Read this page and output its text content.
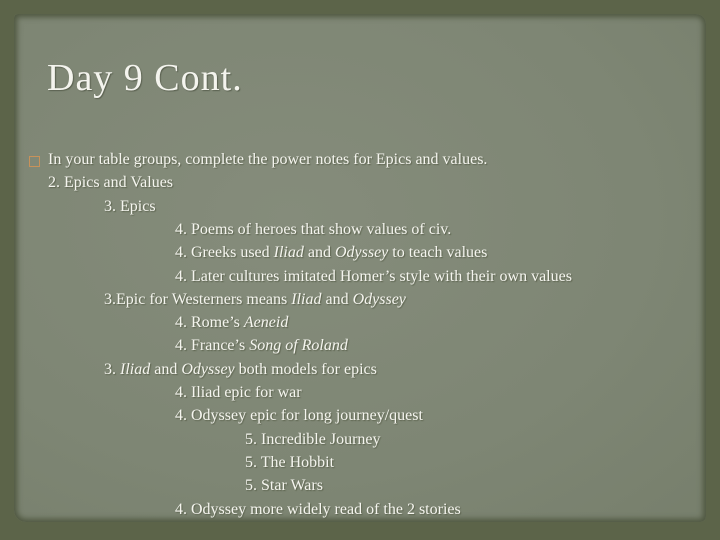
Day 9 Cont.
In your table groups, complete the power notes for Epics and values.
2. Epics and Values
3. Epics
4. Poems of heroes that show values of civ.
4. Greeks used Iliad and Odyssey to teach values
4. Later cultures imitated Homer’s style with their own values
3.Epic for Westerners means Iliad and Odyssey
4. Rome’s Aeneid
4. France’s Song of Roland
3. Iliad and Odyssey both models for epics
4. Iliad epic for war
4. Odyssey epic for long journey/quest
5. Incredible Journey
5. The Hobbit
5. Star Wars
4. Odyssey more widely read of the 2 stories
